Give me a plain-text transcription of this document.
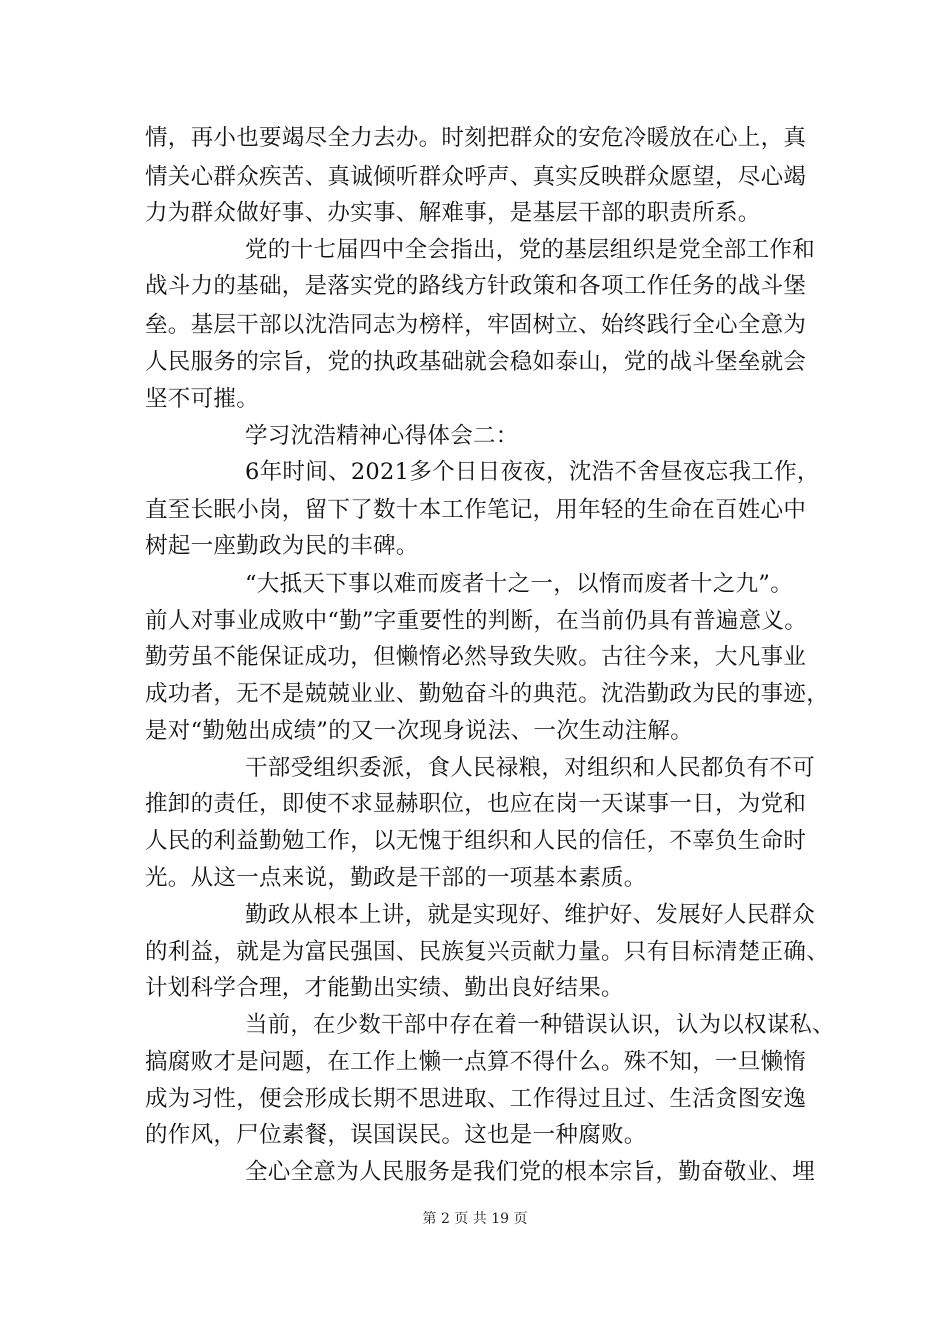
情，再小也要竭尽全力去办。时刻把群众的安危冷暖放在心上，真
情关心群众疾苦、真诚倾听群众呼声、真实反映群众愿望，尽心竭
力为群众做好事、办实事、解难事，是基层干部的职责所系。
党的十七届四中全会指出，党的基层组织是党全部工作和
战斗力的基础，是落实党的路线方针政策和各项工作任务的战斗堡
垒。基层干部以沈浩同志为榜样，牢固树立、始终践行全心全意为
人民服务的宗旨，党的执政基础就会稳如泰山，党的战斗堡垒就会
坚不可摧。
学习沈浩精神心得体会二：
6年时间、2021多个日日夜夜，沈浩不舍昼夜忘我工作，
直至长眠小岗，留下了数十本工作笔记，用年轻的生命在百姓心中
树起一座勤政为民的丰碑。
“大抵天下事以难而废者十之一，以惰而废者十之九”。
前人对事业成败中“勤”字重要性的判断，在当前仍具有普遍意义。
勤劳虽不能保证成功，但懒惰必然导致失败。古往今来，大凡事业
成功者，无不是兢兢业业、勤勉奋斗的典范。沈浩勤政为民的事迹，
是对“勤勉出成绩”的又一次现身说法、一次生动注解。
干部受组织委派，食人民禄粮，对组织和人民都负有不可
推卸的责任，即使不求显赫职位，也应在岗一天谋事一日，为党和
人民的利益勤勉工作，以无愧于组织和人民的信任，不辜负生命时
光。从这一点来说，勤政是干部的一项基本素质。
勤政从根本上讲，就是实现好、维护好、发展好人民群众
的利益，就是为富民强国、民族复兴贡献力量。只有目标清楚正确、
计划科学合理，才能勤出实绩、勤出良好结果。
当前，在少数干部中存在着一种错误认识，认为以权谋私、
搞腐败才是问题，在工作上懒一点算不得什么。殊不知，一旦懒惰
成为习性，便会形成长期不思进取、工作得过且过、生活贪图安逸
的作风，尸位素餐，误国误民。这也是一种腐败。
全心全意为人民服务是我们党的根本宗旨，勤奋敬业、埋
第 2 页 共 19 页
